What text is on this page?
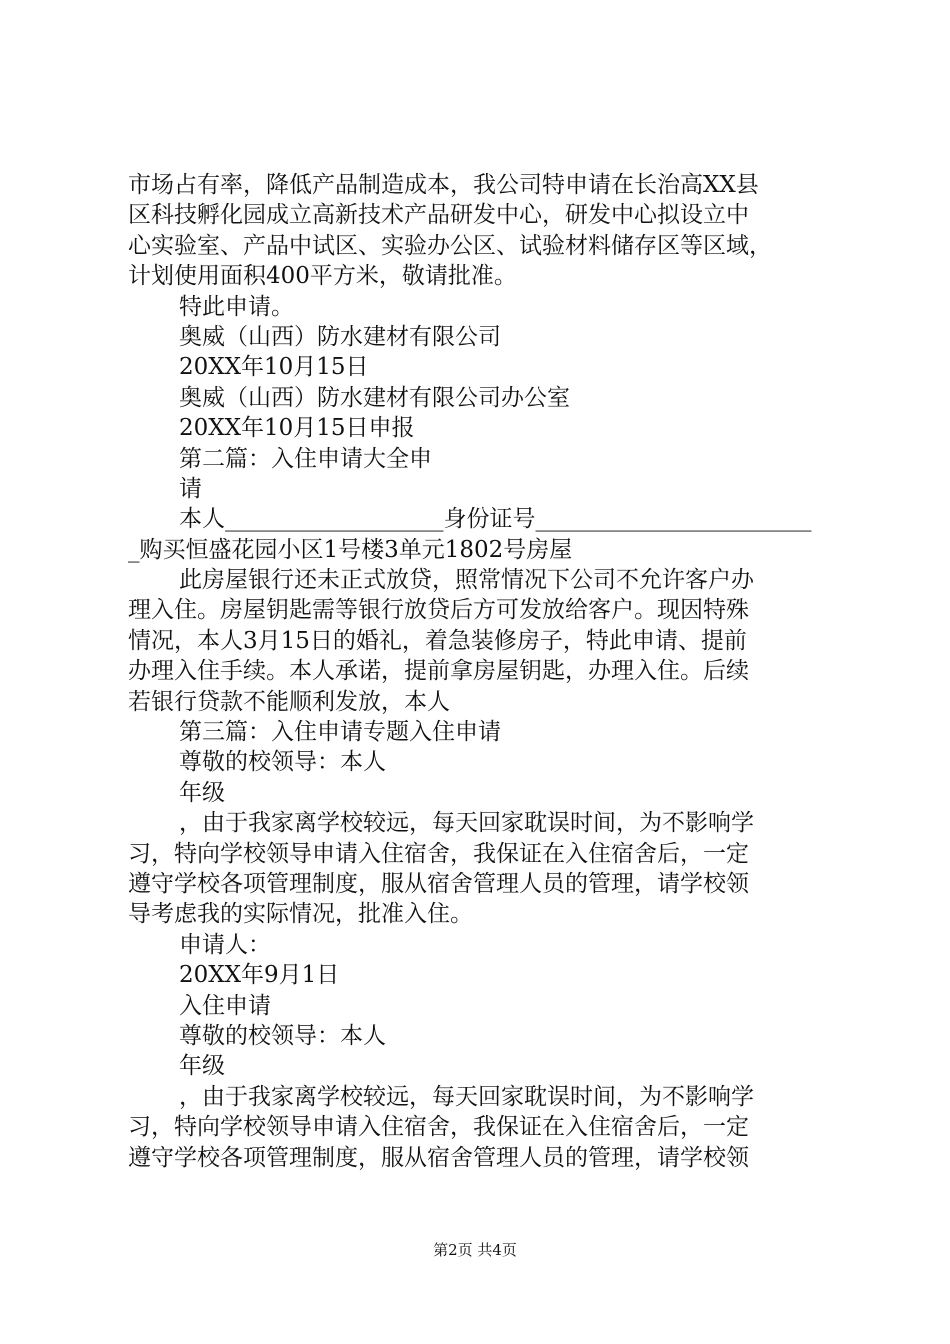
市场占有率，降低产品制造成本，我公司特申请在长治高XX县
区科技孵化园成立高新技术产品研发中心，研发中心拟设立中
心实验室、产品中试区、实验办公区、试验材料储存区等区域，
计划使用面积400平方米，敬请批准。
特此申请。
奥威（山西）防水建材有限公司
20XX年10月15日
奥威（山西）防水建材有限公司办公室
20XX年10月15日申报
第二篇：入住申请大全申
请
本人___________________身份证号________________________
_购买恒盛花园小区1号楼3单元1802号房屋
此房屋银行还未正式放贷，照常情况下公司不允许客户办
理入住。房屋钥匙需等银行放贷后方可发放给客户。现因特殊
情况，本人3月15日的婚礼，着急装修房子，特此申请、提前
办理入住手续。本人承诺，提前拿房屋钥匙，办理入住。后续
若银行贷款不能顺利发放，本人
第三篇：入住申请专题入住申请
尊敬的校领导：本人
年级
，由于我家离学校较远，每天回家耽误时间，为不影响学
习，特向学校领导申请入住宿舍，我保证在入住宿舍后，一定
遵守学校各项管理制度，服从宿舍管理人员的管理，请学校领
导考虑我的实际情况，批准入住。
申请人：
20XX年9月1日
入住申请
尊敬的校领导：本人
年级
，由于我家离学校较远，每天回家耽误时间，为不影响学
习，特向学校领导申请入住宿舍，我保证在入住宿舍后，一定
遵守学校各项管理制度，服从宿舍管理人员的管理，请学校领
第2页 共4页
